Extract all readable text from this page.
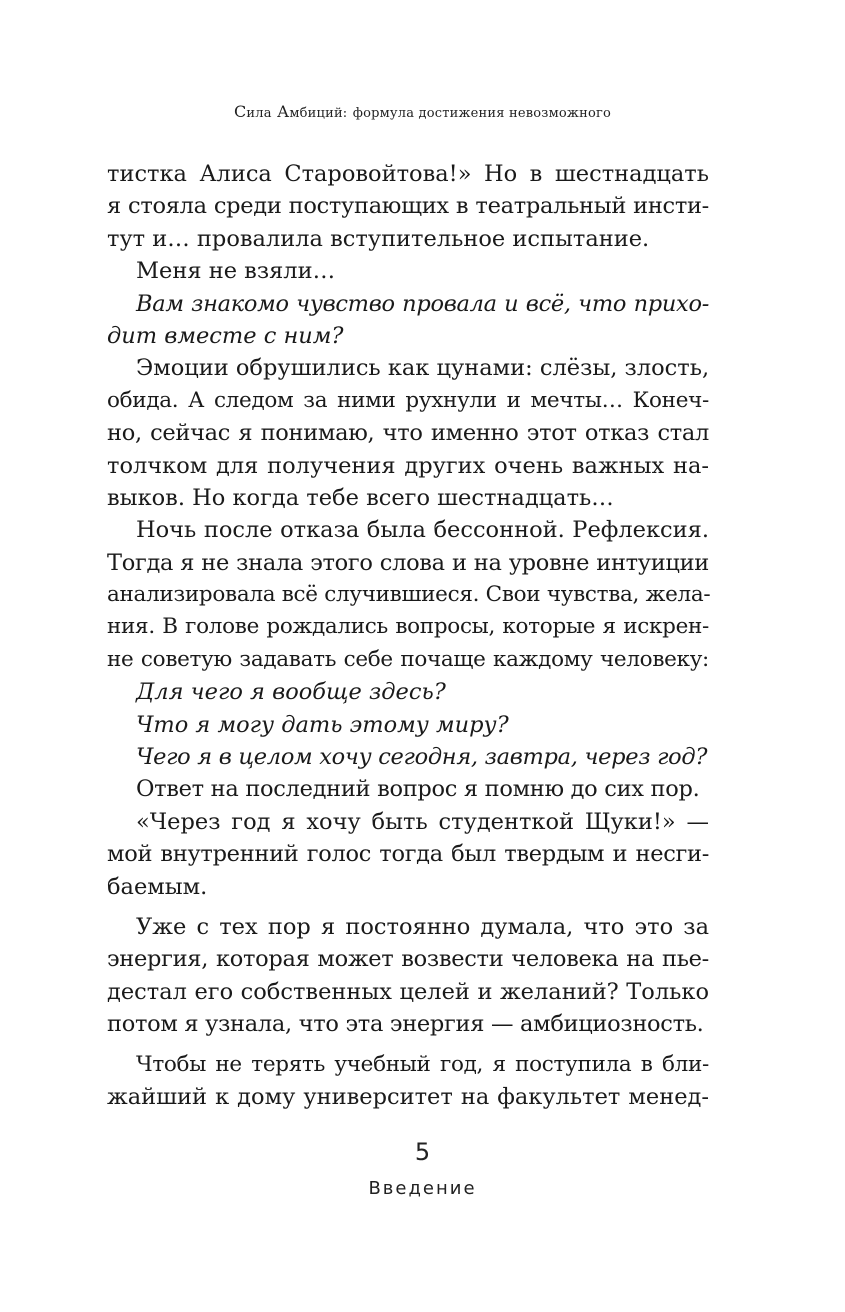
Сила Амбиций: формула достижения невозможного
тистка Алиса Старовойтова!» Но в шестнадцать
я стояла среди поступающих в театральный инсти-
тут и… провалила вступительное испытание.
Меня не взяли…
Вам знакомо чувство провала и всё, что прихо-
дит вместе с ним?
Эмоции обрушились как цунами: слёзы, злость,
обида. А следом за ними рухнули и мечты… Конеч-
но, сейчас я понимаю, что именно этот отказ стал
толчком для получения других очень важных на-
выков. Но когда тебе всего шестнадцать…
Ночь после отказа была бессонной. Рефлексия.
Тогда я не знала этого слова и на уровне интуиции
анализировала всё случившиеся. Свои чувства, жела-
ния. В голове рождались вопросы, которые я искрен-
не советую задавать себе почаще каждому человеку:
Для чего я вообще здесь?
Что я могу дать этому миру?
Чего я в целом хочу сегодня, завтра, через год?
Ответ на последний вопрос я помню до сих пор.
«Через год я хочу быть студенткой Щуки!» —
мой внутренний голос тогда был твердым и несги-
баемым.
Уже с тех пор я постоянно думала, что это за
энергия, которая может возвести человека на пье-
дестал его собственных целей и желаний? Только
потом я узнала, что эта энергия — амбициозность.
Чтобы не терять учебный год, я поступила в бли-
жайший к дому университет на факультет менед-
5
Введение
